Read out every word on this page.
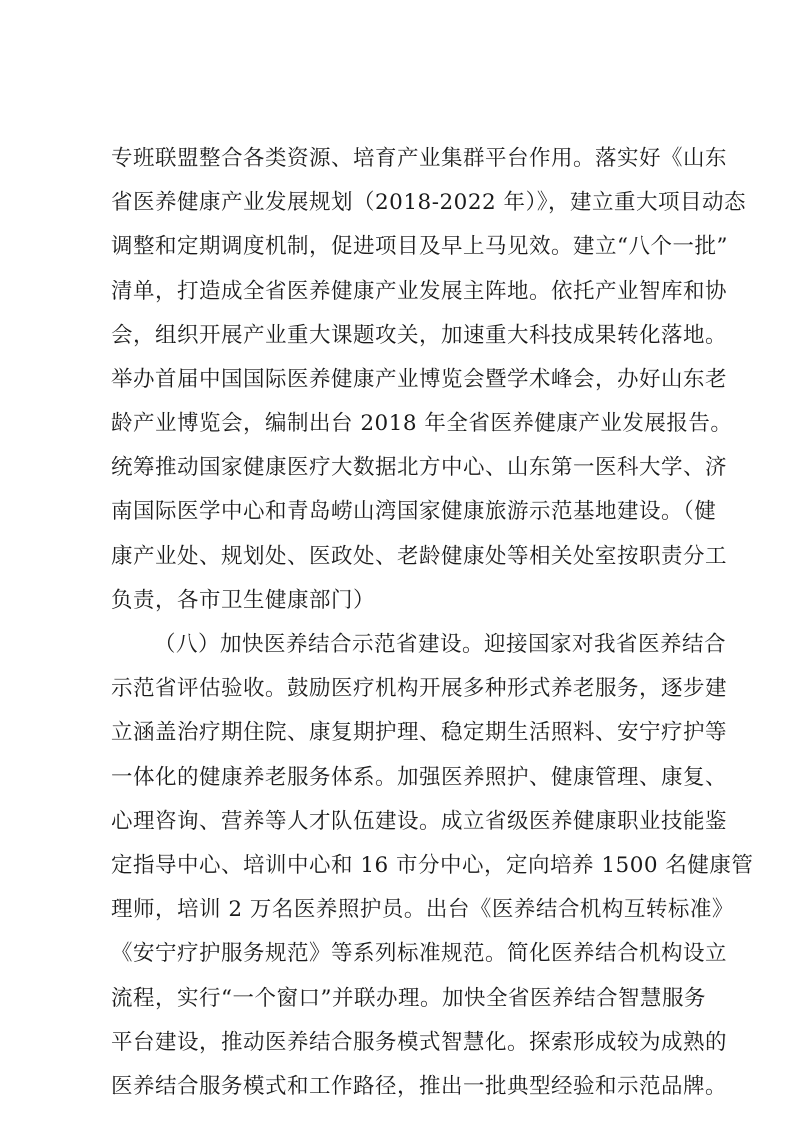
专班联盟整合各类资源、培育产业集群平台作用。落实好《山东
省医养健康产业发展规划（2018-2022 年）》，建立重大项目动态
调整和定期调度机制，促进项目及早上马见效。建立“八个一批”
清单，打造成全省医养健康产业发展主阵地。依托产业智库和协
会，组织开展产业重大课题攻关，加速重大科技成果转化落地。
举办首届中国国际医养健康产业博览会暨学术峰会，办好山东老
龄产业博览会，编制出台 2018 年全省医养健康产业发展报告。
统筹推动国家健康医疗大数据北方中心、山东第一医科大学、济
南国际医学中心和青岛崂山湾国家健康旅游示范基地建设。（健
康产业处、规划处、医政处、老龄健康处等相关处室按职责分工
负责，各市卫生健康部门）
（八）加快医养结合示范省建设。迎接国家对我省医养结合
示范省评估验收。鼓励医疗机构开展多种形式养老服务，逐步建
立涵盖治疗期住院、康复期护理、稳定期生活照料、安宁疗护等
一体化的健康养老服务体系。加强医养照护、健康管理、康复、
心理咨询、营养等人才队伍建设。成立省级医养健康职业技能鉴
定指导中心、培训中心和 16 市分中心，定向培养 1500 名健康管
理师，培训 2 万名医养照护员。出台《医养结合机构互转标准》
《安宁疗护服务规范》等系列标准规范。简化医养结合机构设立
流程，实行“一个窗口”并联办理。加快全省医养结合智慧服务
平台建设，推动医养结合服务模式智慧化。探索形成较为成熟的
医养结合服务模式和工作路径，推出一批典型经验和示范品牌。
